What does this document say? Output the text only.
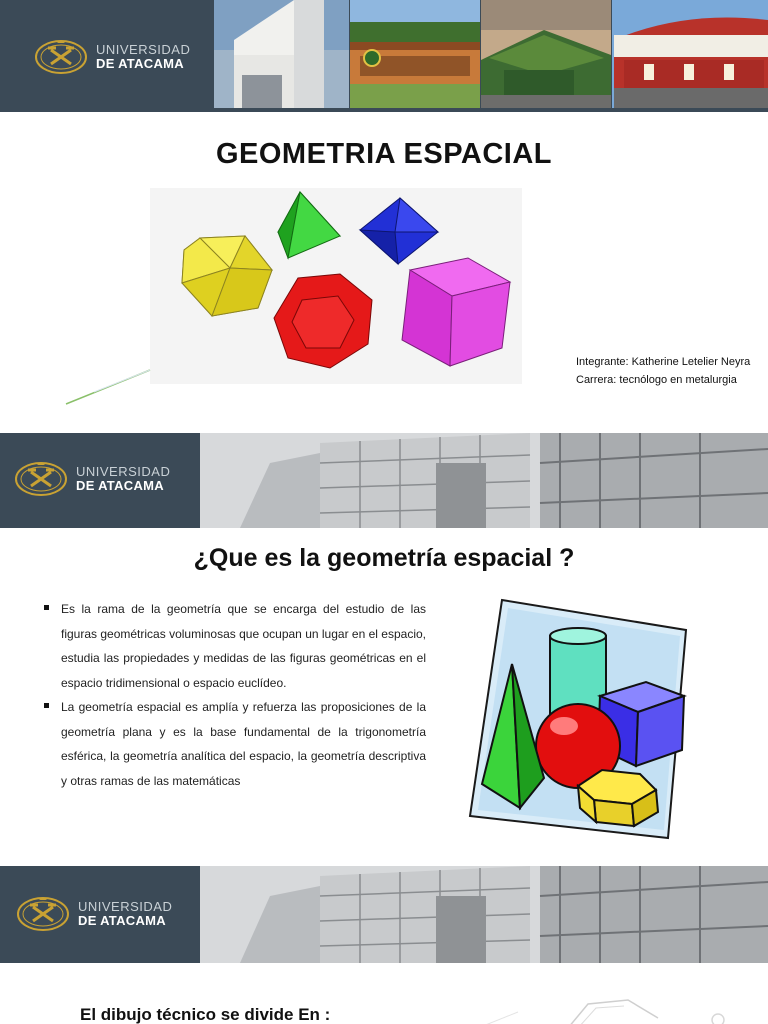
UNIVERSIDAD
DE ATACAMA
GEOMETRIA ESPACIAL
Integrante: Katherine Letelier Neyra
Carrera: tecnólogo en metalurgia
UNIVERSIDAD
DE ATACAMA
¿Que es la geometría espacial ?
Es la rama de la geometría que se encarga del estudio de las figuras geométricas voluminosas que ocupan un lugar en el espacio, estudia las propiedades y medidas de las figuras geométricas en el espacio tridimensional o espacio euclídeo.
La geometría espacial es amplía y refuerza las proposiciones de la geometría plana y es la base fundamental de la trigonometría esférica, la geometría analítica del espacio, la geometría descriptiva y otras ramas de las matemáticas
UNIVERSIDAD
DE ATACAMA
El dibujo técnico se divide En :
